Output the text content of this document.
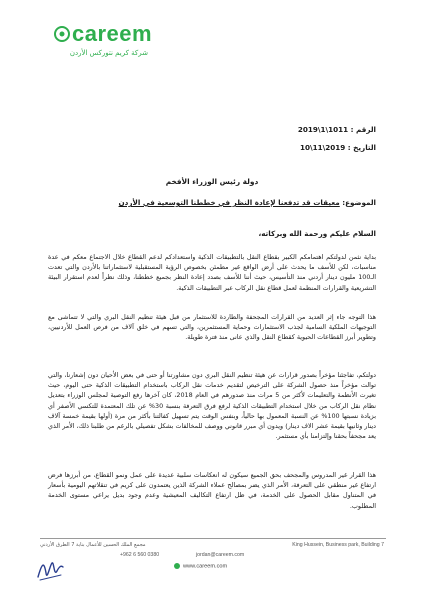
careem
شركة كريم نتوركس الأردن
الرقم : 2019\1\1011
التاريخ : 10\11\2019
دولة رئيس الوزراء الأفخم
الموضوع: معيقات قد تدفعنا لإعادة النظر في خططنا التوسعية في الأردن
السلام عليكم ورحمة الله وبركاته،
بداية نثمن لدولتكم اهتمامكم الكبير بقطاع النقل بالتطبيقات الذكية واستعدادكم لدعم القطاع خلال الاجتماع معكم في عدة مناسبات، لكن للأسف ما يحدث على أرض الواقع غير مطمئن بخصوص الرؤية المستقبلية لاستثماراتنا بالأردن والتي تعدت الـ100 مليون دينار أردني منذ التأسيس، حيث أننا للأسف بصدد إعادة النظر بجميع خططنا، وذلك نظراً لعدم استقرار البيئة التشريعية والقرارات المنظمة لعمل قطاع نقل الركاب عبر التطبيقات الذكية.
هذا التوجه جاء إثر العديد من القرارات المجحفة والطاردة للاستثمار من قبل هيئة تنظيم النقل البري والتي لا تتماشى مع التوجيهات الملكية السامية لجذب الاستثمارات وحماية المستثمرين، والتي تسهم في خلق آلاف من فرص العمل للأردنيين، وتطوير أبرز القطاعات الحيوية كقطاع النقل والذي عانى منذ فترة طويلة.
دولتكم، تفاجئنا مؤخراً بصدور قرارات عن هيئة تنظيم النقل البري دون مشاورتنا أو حتى في بعض الأحيان دون إشعارنا، والتي توالت مؤخراً منذ حصول الشركة على الترخيص لتقديم خدمات نقل الركاب باستخدام التطبيقات الذكية حتى اليوم، حيث تغيرت الأنظمة والتعليمات لأكثر من 5 مرات منذ صدورهم في العام 2018، كان آخرها رفع التوصية لمجلس الوزراء بتعديل نظام نقل الركاب من خلال استخدام التطبيقات الذكية لرفع فرق التعرفة بنسبة 30% عن تلك المعتمدة للتكسي الأصفر أي بزيادة نسبتها 100% عن النسبة المعمول بها حالياً، وبنفس الوقت يتم تسهيل كفالتنا بأكثر من مرة (أولها بقيمة خمسة آلاف دينار وثانيها بقيمة عشر الاف دينار) ويدون أي مبرر قانوني ووصف للمخالفات بشكل تفصيلي بالرغم من طلبنا ذلك، الأمر الذي يعد مجحفاً بحقنا وإلتزامنا بأي مستثمر.
هذا القرار غير المدروس والمجحف بحق الجميع سيكون له انعكاسات سلبية عديدة على عمل ونمو القطاع، من أبرزها فرض ارتفاع غير منطقي على التعرفة، الأمر الذي يضر بمصالح عملاء الشركة الذين يعتمدون على كريم في تنقلاتهم اليومية بأسعار في المتناول مقابل الحصول على الخدمة، في ظل ارتفاع التكاليف المعيشية وعدم وجود بديل يراعي مستوى الخدمة المطلوب.
King Hussein, Business park, Building 7
مجمع الملك الحسين للأعمال بناية 7 الطرق الأردني
+962 6 560 0380	jordan@careem.com
www.careem.com
